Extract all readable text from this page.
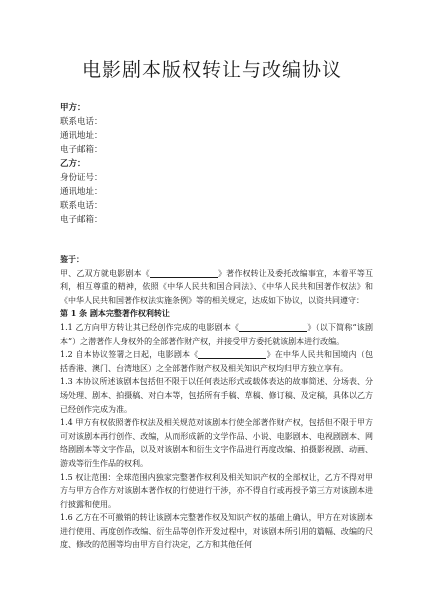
电影剧本版权转让与改编协议
甲方：
联系电话：
通讯地址：
电子邮箱：
乙方：
身份证号：
通讯地址：
联系电话：
电子邮箱：

鉴于：

甲、乙双方就电影剧本《	》著作权转让及委托改编事宜，本着平等互利，相互尊重的精神，依照《中华人民共和国合同法》、《中华人民共和国著作权法》和《中华人民共和国著作权法实施条例》等的相关规定，达成如下协议，以资共同遵守：

第 1 条 剧本完整著作权利转让

1.1 乙方向甲方转让其已经创作完成的电影剧本《	》（以下简称“该剧本”）之潜著作人身权外的全部著作财产权，并接受甲方委托就该剧本进行改编。

1.2 自本协议签署之日起，电影剧本《	》在中华人民共和国境内（包括香港、澳门、台湾地区）之全部著作财产权及相关知识产权均归甲方独立享有。

1.3 本协议所述该剧本包括但不限于以任何表达形式或载体表达的故事简述、分场表、分场处理、剧本、拍摄稿、对白本等，包括所有手稿、草稿、修订稿、及定稿，具体以乙方已经创作完成为准。

1.4 甲方有权依照著作权法及相关规范对该剧本行使全部著作财产权，包括但不限于甲方可对该剧本再行创作、改编，从而形成新的文学作品、小说、电影剧本、电视剧剧本、网络剧剧本等文字作品，以及对该剧本和衍生文字作品进行再度改编、拍摄影视剧、动画、游戏等衍生作品的权利。

1.5 权让范围：全球范围内独家完整著作权利及相关知识产权的全部权让，乙方不得对甲方与甲方合作方对该剧本著作权的行使进行干涉，亦不得自行或再授予第三方对该剧本进行披露和使用。

1.6 乙方在不可撤销的转让该剧本完整著作权及知识产权的基础上确认，甲方在对该剧本进行使用、再度创作改编、衍生品等创作开发过程中，对该剧本所引用的篇幅、改编的尺度、修改的范围等均由甲方自行决定，乙方和其他任何
